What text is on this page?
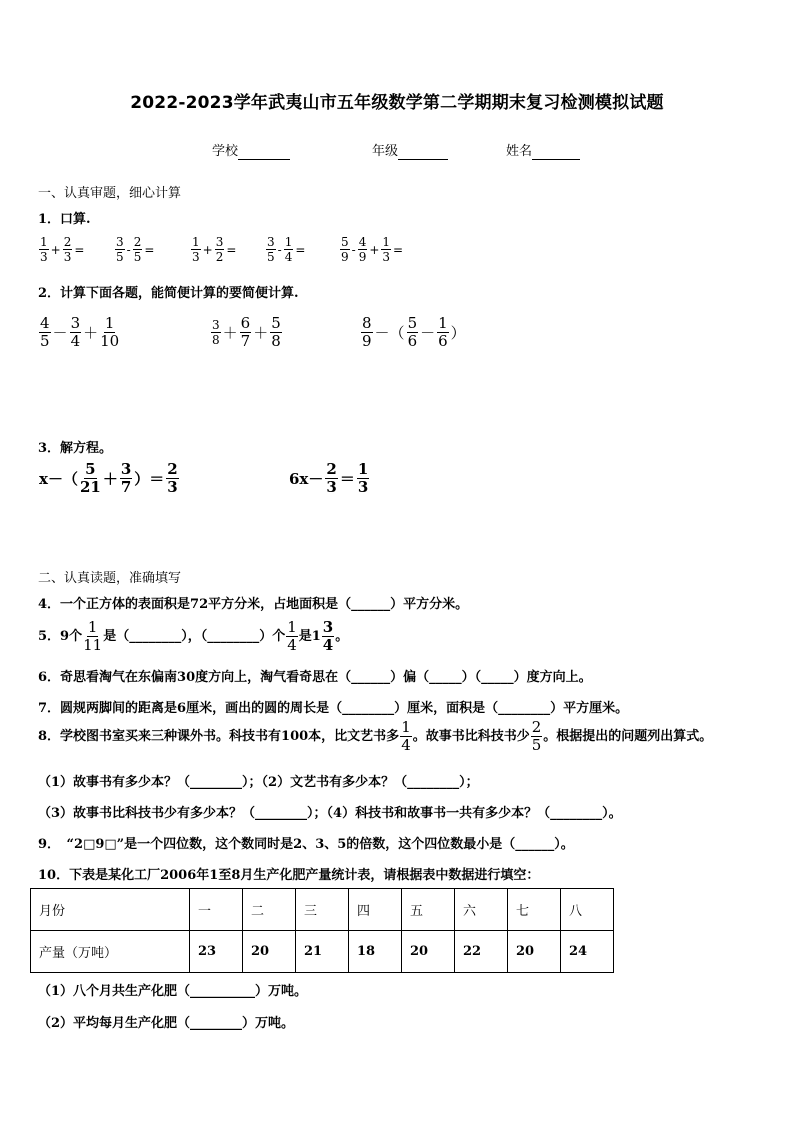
2022-2023学年武夷山市五年级数学第二学期期末复习检测模拟试题
学校	年级	姓名
一、认真审题，细心计算
1．口算.
$\frac{1}{3} + \frac{2}{3}$ =	$\frac{3}{5} - \frac{2}{5}$ =	$\frac{1}{3} + \frac{3}{2} = \frac{3}{5} - \frac{1}{4}$ =	$\frac{5}{9} - \frac{4}{9} + \frac{1}{3}$ =
2．计算下面各题，能简便计算的要简便计算.
$\frac{4}{5} - \frac{3}{4} + \frac{1}{10}$	$\frac{3}{8} + \frac{6}{7} + \frac{5}{8}$	$\frac{8}{9}$ －（ $\frac{5}{6} - \frac{1}{6}$ ）
3．解方程。
$x-( \frac{5}{21} + \frac{3}{7}$ ）＝ $\frac{2}{3}$	$6x- \frac{2}{3} = \frac{1}{3}$
二、认真读题，准确填写
4．一个正方体的表面积是72平方分米，占地面积是（______）平方分米。
5．9个 $\frac{1}{11}$ 是（________），（________）个 $\frac{1}{4}$ 是$1 \frac{3}{4}$ 。
6．奇思看淘气在东偏南30度方向上，淘气看奇思在（______）偏（_____）（_____）度方向上。
7．圆规两脚间的距离是6厘米，画出的圆的周长是（________）厘米，面积是（________）平方厘米。
8．学校图书室买来三种课外书。科技书有100本，比文艺书多 $\frac{1}{4}$ 。故事书比科技书少 $\frac{2}{5}$ 。根据提出的问题列出算式。
（1）故事书有多少本？（________）；（2）文艺书有多少本？（________）；
（3）故事书比科技书少有多少本？（________）；（4）科技书和故事书一共有多少本？（________）。
9．　“2□9□”是一个四位数，这个数同时是2、3、5的倍数，这个四位数最小是（______）。
10．下表是某化工厂2006年1至8月生产化肥产量统计表，请根据表中数据进行填空：
月份	一	二	三	四	五	六	七	八
产量（万吨）	23	20	21	18	20	22	20	24
（1）八个月共生产化肥（__________）万吨。
（2）平均每月生产化肥（________）万吨。
